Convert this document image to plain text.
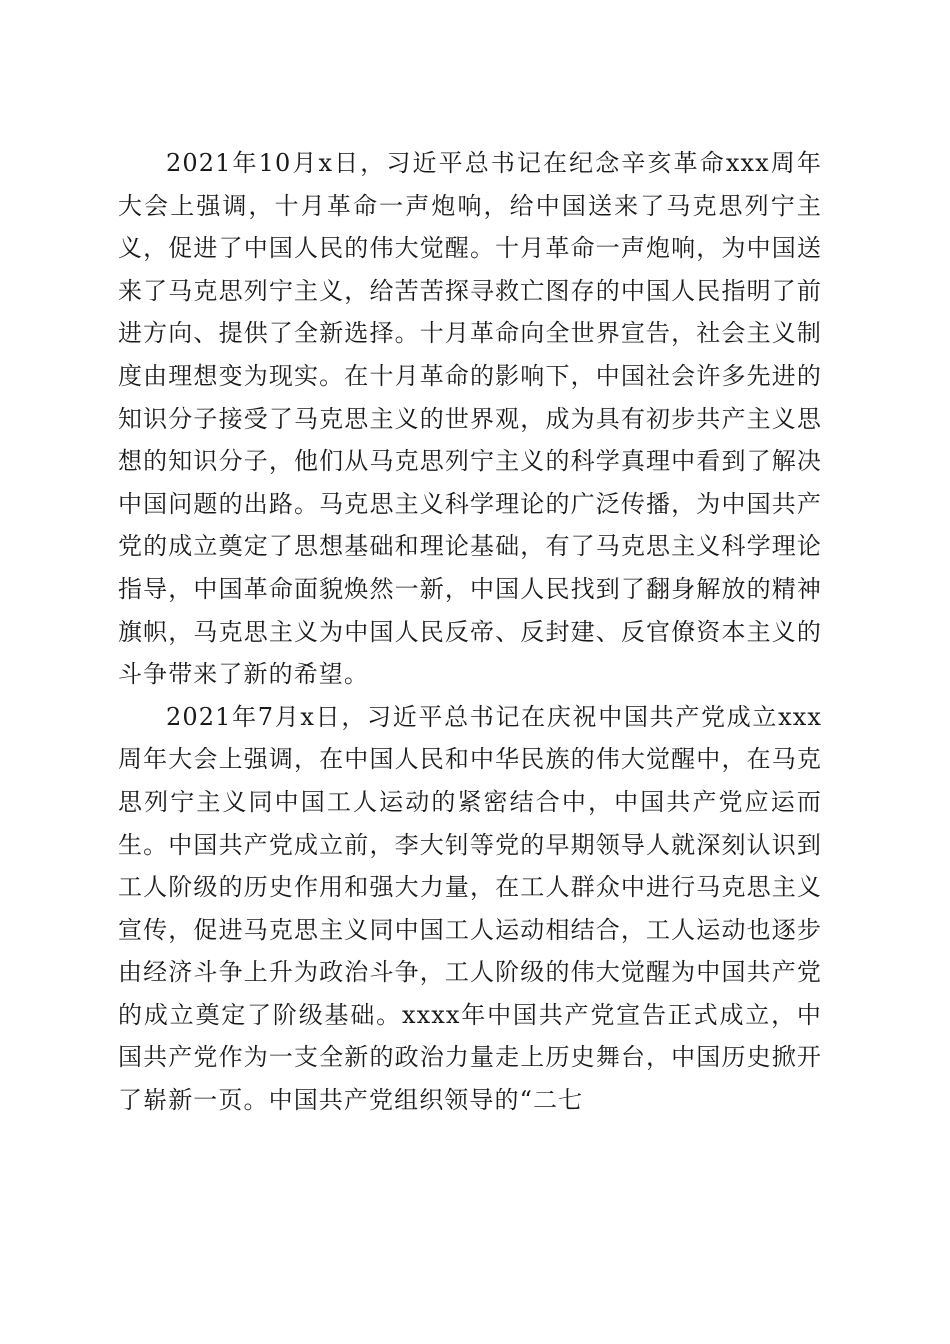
2021年10月x日，习近平总书记在纪念辛亥革命xxx周年大会上强调，十月革命一声炮响，给中国送来了马克思列宁主义，促进了中国人民的伟大觉醒。十月革命一声炮响，为中国送来了马克思列宁主义，给苦苦探寻救亡图存的中国人民指明了前进方向、提供了全新选择。十月革命向全世界宣告，社会主义制度由理想变为现实。在十月革命的影响下，中国社会许多先进的知识分子接受了马克思主义的世界观，成为具有初步共产主义思想的知识分子，他们从马克思列宁主义的科学真理中看到了解决中国问题的出路。马克思主义科学理论的广泛传播，为中国共产党的成立奠定了思想基础和理论基础，有了马克思主义科学理论指导，中国革命面貌焕然一新，中国人民找到了翻身解放的精神旗帜，马克思主义为中国人民反帝、反封建、反官僚资本主义的斗争带来了新的希望。

2021年7月x日，习近平总书记在庆祝中国共产党成立xxx周年大会上强调，在中国人民和中华民族的伟大觉醒中，在马克思列宁主义同中国工人运动的紧密结合中，中国共产党应运而生。中国共产党成立前，李大钊等党的早期领导人就深刻认识到工人阶级的历史作用和强大力量，在工人群众中进行马克思主义宣传，促进马克思主义同中国工人运动相结合，工人运动也逐步由经济斗争上升为政治斗争，工人阶级的伟大觉醒为中国共产党的成立奠定了阶级基础。xxxx年中国共产党宣告正式成立，中国共产党作为一支全新的政治力量走上历史舞台，中国历史掀开了崭新一页。中国共产党组织领导的“二七
